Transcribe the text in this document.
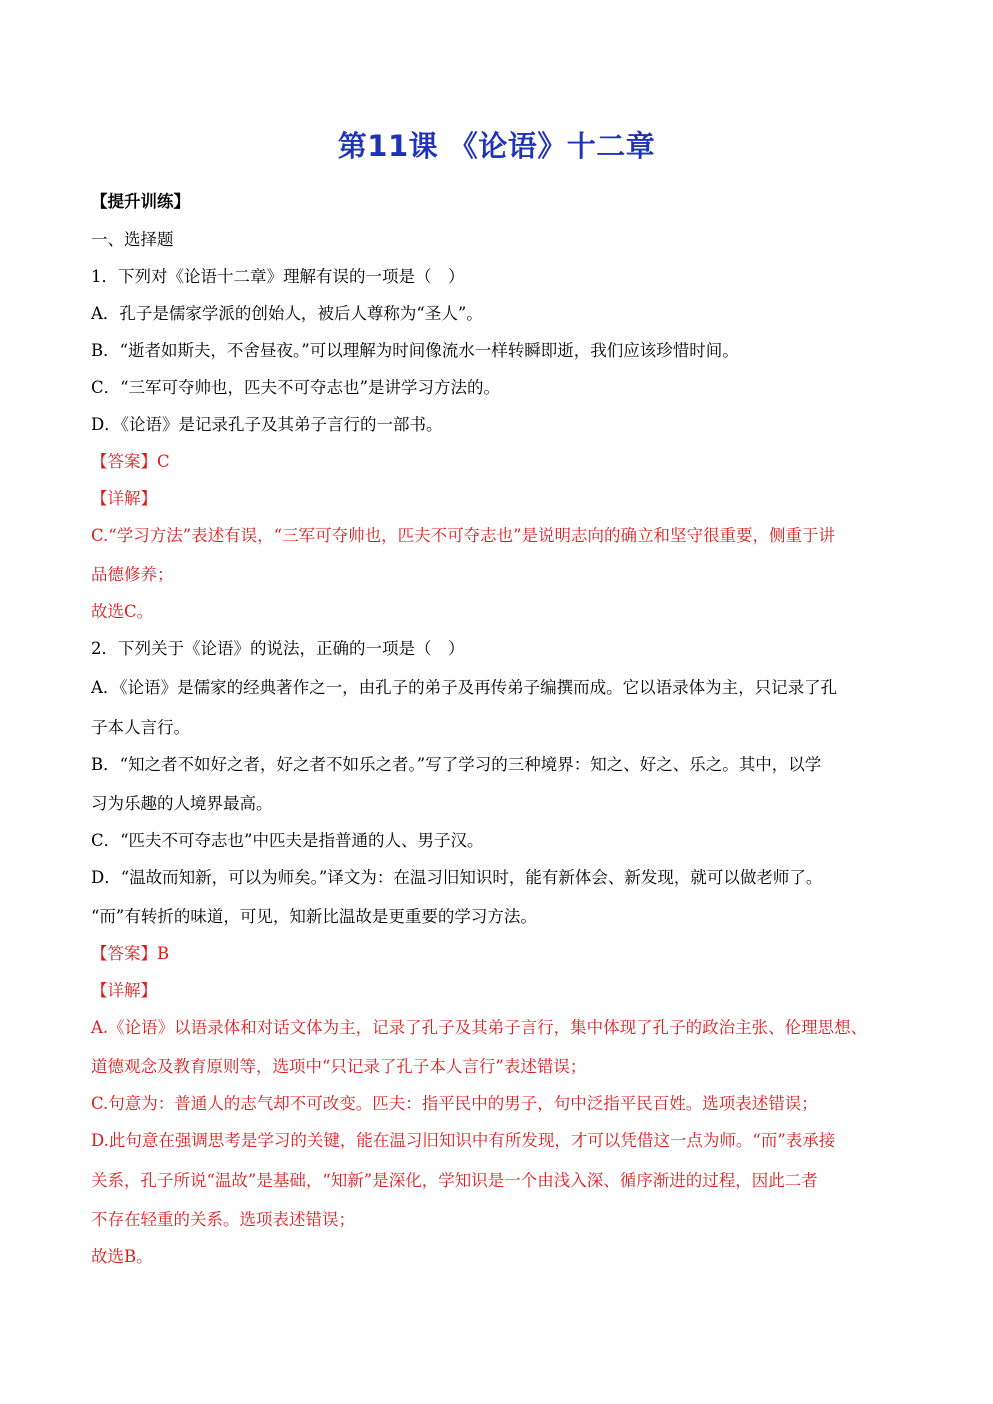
第11课 《论语》十二章
【提升训练】
一、选择题
1．下列对《论语十二章》理解有误的一项是（　）
A．孔子是儒家学派的创始人，被后人尊称为“圣人”。
B．“逝者如斯夫，不舍昼夜。”可以理解为时间像流水一样转瞬即逝，我们应该珍惜时间。
C．“三军可夺帅也，匹夫不可夺志也”是讲学习方法的。
D．《论语》是记录孔子及其弟子言行的一部书。
【答案】C
【详解】
C.“学习方法”表述有误，“三军可夺帅也，匹夫不可夺志也”是说明志向的确立和坚守很重要，侧重于讲
品德修养；
故选C。
2．下列关于《论语》的说法，正确的一项是（　）
A．《论语》是儒家的经典著作之一，由孔子的弟子及再传弟子编撰而成。它以语录体为主，只记录了孔
子本人言行。
B．“知之者不如好之者，好之者不如乐之者。”写了学习的三种境界：知之、好之、乐之。其中，以学
习为乐趣的人境界最高。
C．“匹夫不可夺志也”中匹夫是指普通的人、男子汉。
D．“温故而知新，可以为师矣。”译文为：在温习旧知识时，能有新体会、新发现，就可以做老师了。
“而”有转折的味道，可见，知新比温故是更重要的学习方法。
【答案】B
【详解】
A.《论语》以语录体和对话文体为主，记录了孔子及其弟子言行，集中体现了孔子的政治主张、伦理思想、
道德观念及教育原则等，选项中“只记录了孔子本人言行”表述错误；
C.句意为：普通人的志气却不可改变。匹夫：指平民中的男子，句中泛指平民百姓。选项表述错误；
D.此句意在强调思考是学习的关键，能在温习旧知识中有所发现，才可以凭借这一点为师。“而”表承接
关系，孔子所说“温故”是基础，“知新”是深化，学知识是一个由浅入深、循序渐进的过程，因此二者
不存在轻重的关系。选项表述错误；
故选B。
